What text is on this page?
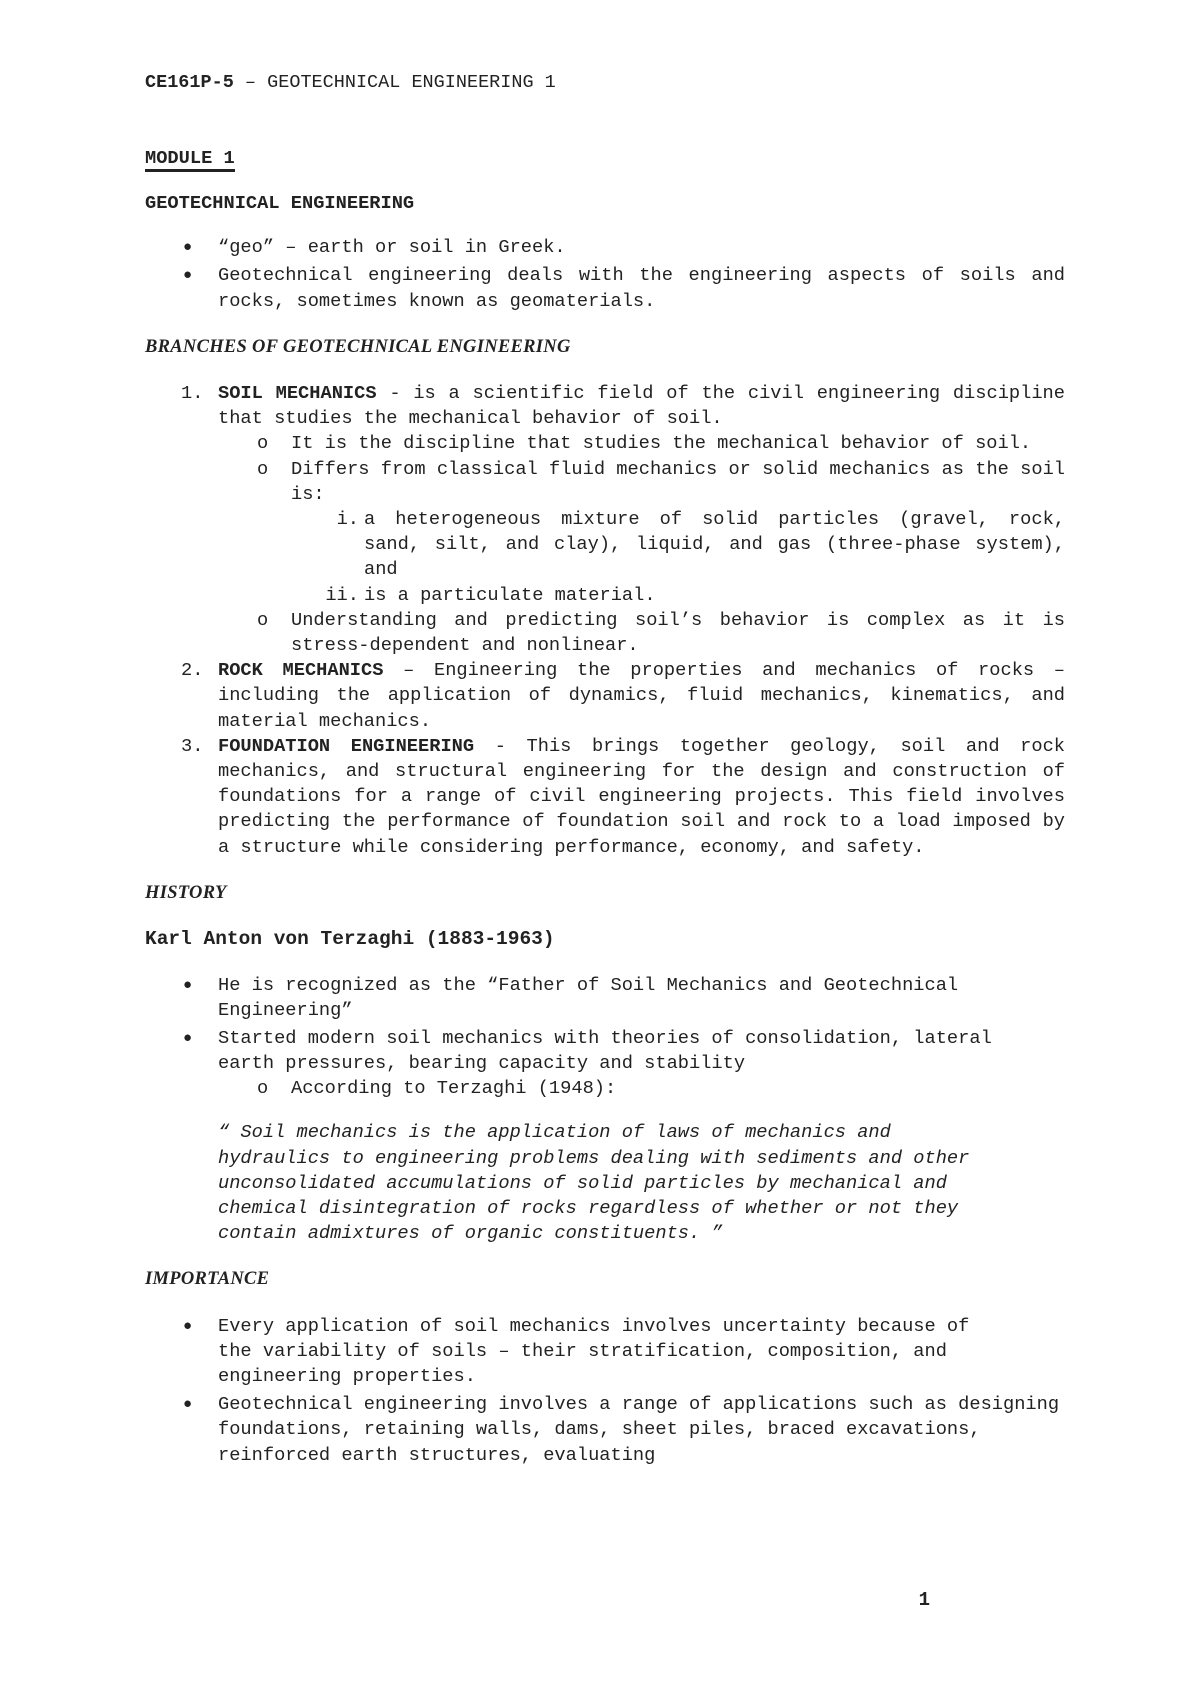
CE161P-5 – GEOTECHNICAL ENGINEERING 1
MODULE 1
GEOTECHNICAL ENGINEERING
● “geo” – earth or soil in Greek.
● Geotechnical engineering deals with the engineering aspects of soils and rocks, sometimes known as geomaterials.
BRANCHES OF GEOTECHNICAL ENGINEERING
1. SOIL MECHANICS - is a scientific field of the civil engineering discipline that studies the mechanical behavior of soil.
o It is the discipline that studies the mechanical behavior of soil.
o Differs from classical fluid mechanics or solid mechanics as the soil is:
i. a heterogeneous mixture of solid particles (gravel, rock, sand, silt, and clay), liquid, and gas (three-phase system), and
ii. is a particulate material.
o Understanding and predicting soil’s behavior is complex as it is stress-dependent and nonlinear.
2. ROCK MECHANICS – Engineering the properties and mechanics of rocks – including the application of dynamics, fluid mechanics, kinematics, and material mechanics.
3. FOUNDATION ENGINEERING - This brings together geology, soil and rock mechanics, and structural engineering for the design and construction of foundations for a range of civil engineering projects. This field involves predicting the performance of foundation soil and rock to a load imposed by a structure while considering performance, economy, and safety.
HISTORY
Karl Anton von Terzaghi (1883-1963)
● He is recognized as the “Father of Soil Mechanics and Geotechnical Engineering”
● Started modern soil mechanics with theories of consolidation, lateral earth pressures, bearing capacity and stability
o According to Terzaghi (1948):
“ Soil mechanics is the application of laws of mechanics and hydraulics to engineering problems dealing with sediments and other unconsolidated accumulations of solid particles by mechanical and chemical disintegration of rocks regardless of whether or not they contain admixtures of organic constituents. ”
IMPORTANCE
● Every application of soil mechanics involves uncertainty because of the variability of soils – their stratification, composition, and engineering properties.
● Geotechnical engineering involves a range of applications such as designing foundations, retaining walls, dams, sheet piles, braced excavations, reinforced earth structures, evaluating
1
